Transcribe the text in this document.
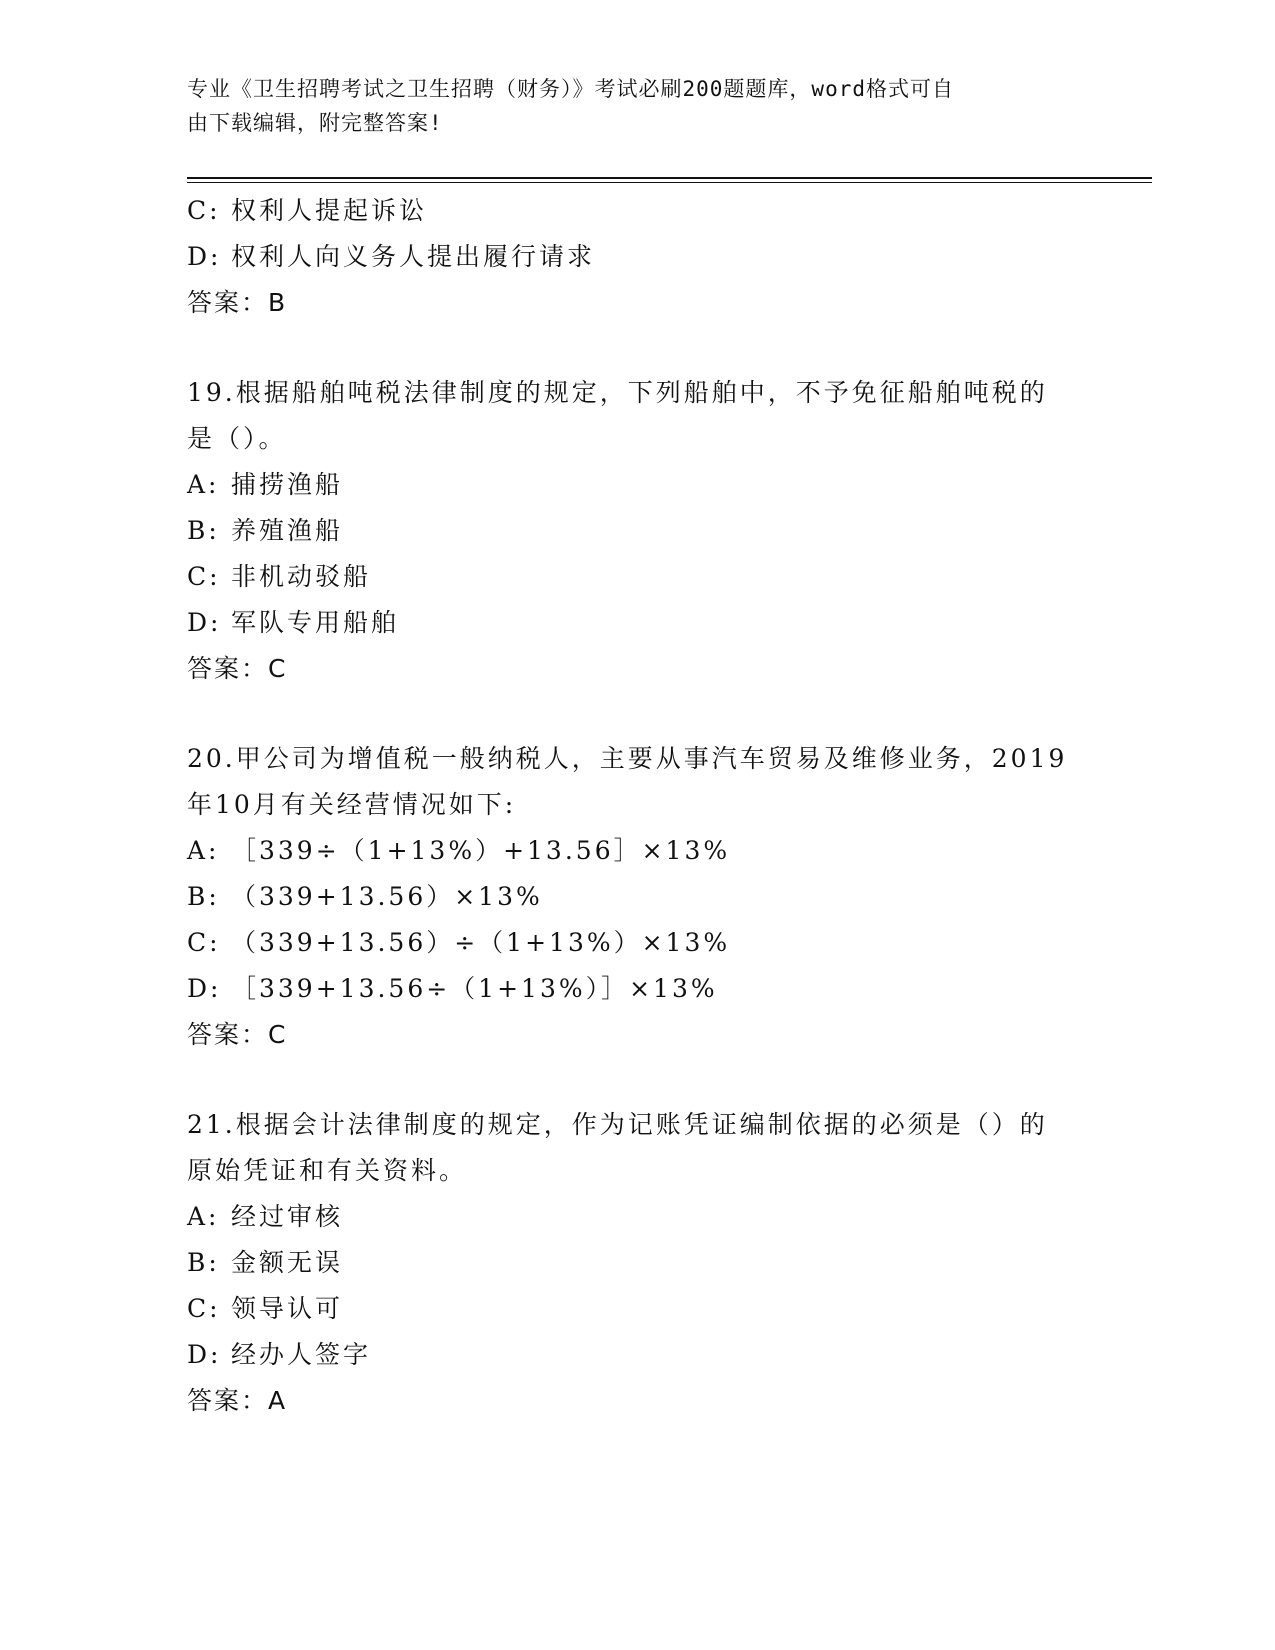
专业《卫生招聘考试之卫生招聘（财务）》考试必刷200题题库，word格式可自
由下载编辑，附完整答案!
C: 权利人提起诉讼
D: 权利人向义务人提出履行请求
答案：B
19.根据船舶吨税法律制度的规定，下列船舶中，不予免征船舶吨税的
是（）。
A: 捕捞渔船
B: 养殖渔船
C: 非机动驳船
D: 军队专用船舶
答案：C
20.甲公司为增值税一般纳税人，主要从事汽车贸易及维修业务，2019
年10月有关经营情况如下:
A: ［339÷（1+13%）+13.56］×13%
B: （339+13.56）×13%
C: （339+13.56）÷（1+13%）×13%
D: ［339+13.56÷（1+13%）］×13%
答案：C
21.根据会计法律制度的规定，作为记账凭证编制依据的必须是（）的
原始凭证和有关资料。
A: 经过审核
B: 金额无误
C: 领导认可
D: 经办人签字
答案：A
